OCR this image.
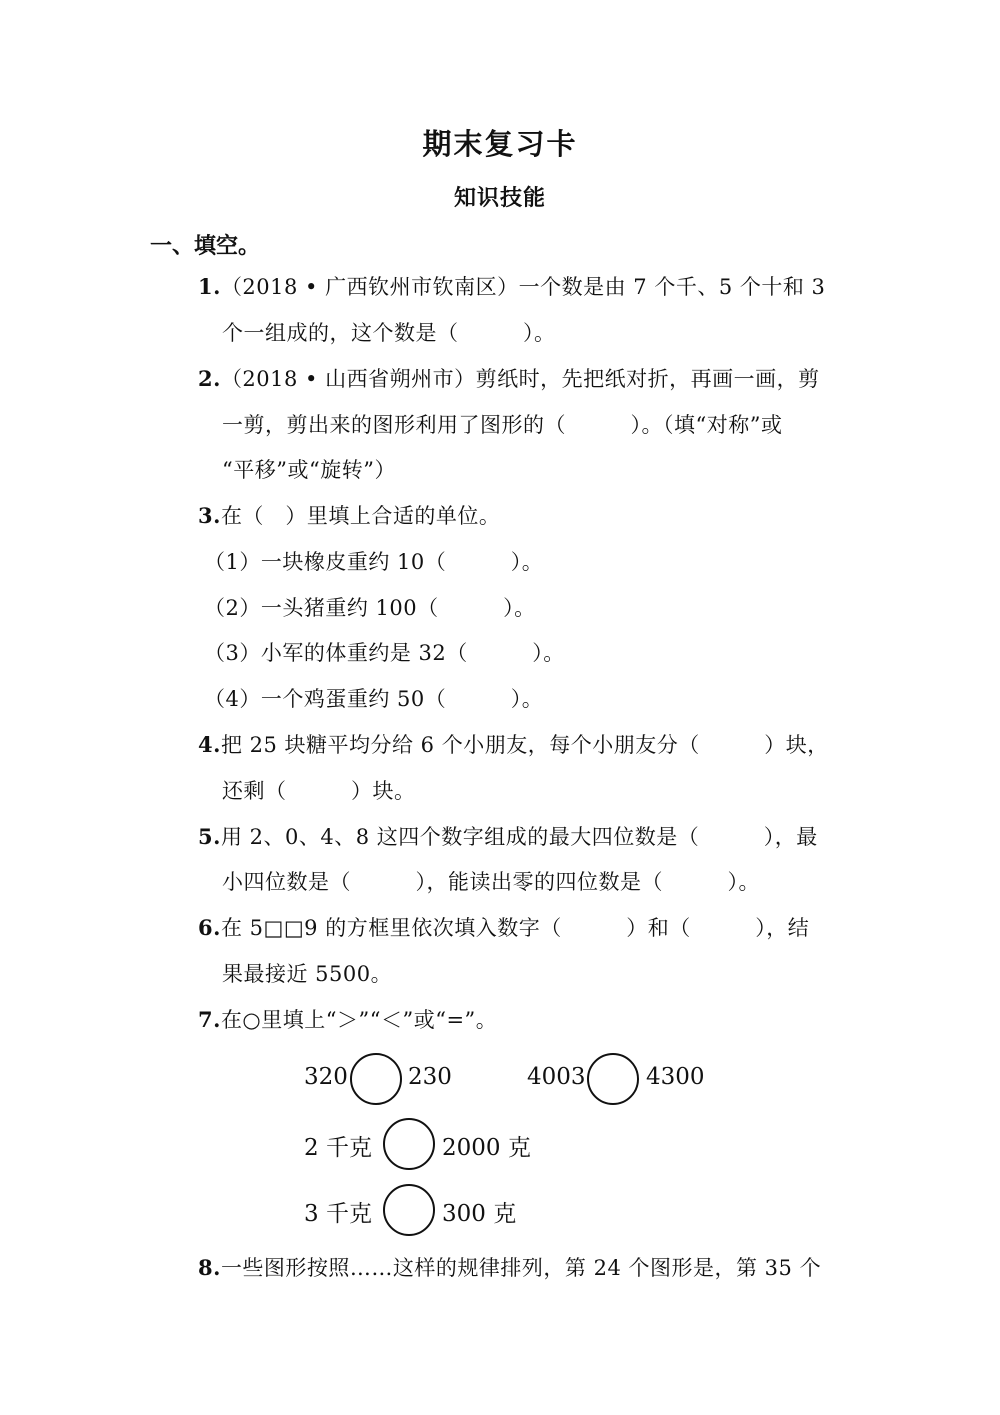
期末复习卡
知识技能
一、填空。
1.（2018 • 广西钦州市钦南区）一个数是由 7 个千、5 个十和 3
个一组成的，这个数是（　　　）。
2.（2018 • 山西省朔州市）剪纸时，先把纸对折，再画一画，剪
一剪，剪出来的图形利用了图形的（　　　）。（填“对称”或
“平移”或“旋转”）
3.在（　）里填上合适的单位。
（1）一块橡皮重约 10（　　　）。
（2）一头猪重约 100（　　　）。
（3）小军的体重约是 32（　　　）。
（4）一个鸡蛋重约 50（　　　）。
4.把 25 块糖平均分给 6 个小朋友，每个小朋友分（　　　）块，
还剩（　　　）块。
5.用 2、0、4、8 这四个数字组成的最大四位数是（　　　），最
小四位数是（　　　），能读出零的四位数是（　　　）。
6.在 5□□9 的方框里依次填入数字（　　　）和（　　　），结
果最接近 5500。
7.在○里填上“＞”“＜”或“=”。
320	230	4003	4300
2 千克	2000 克
3 千克	300 克
8.一些图形按照……这样的规律排列，第 24 个图形是，第 35 个
